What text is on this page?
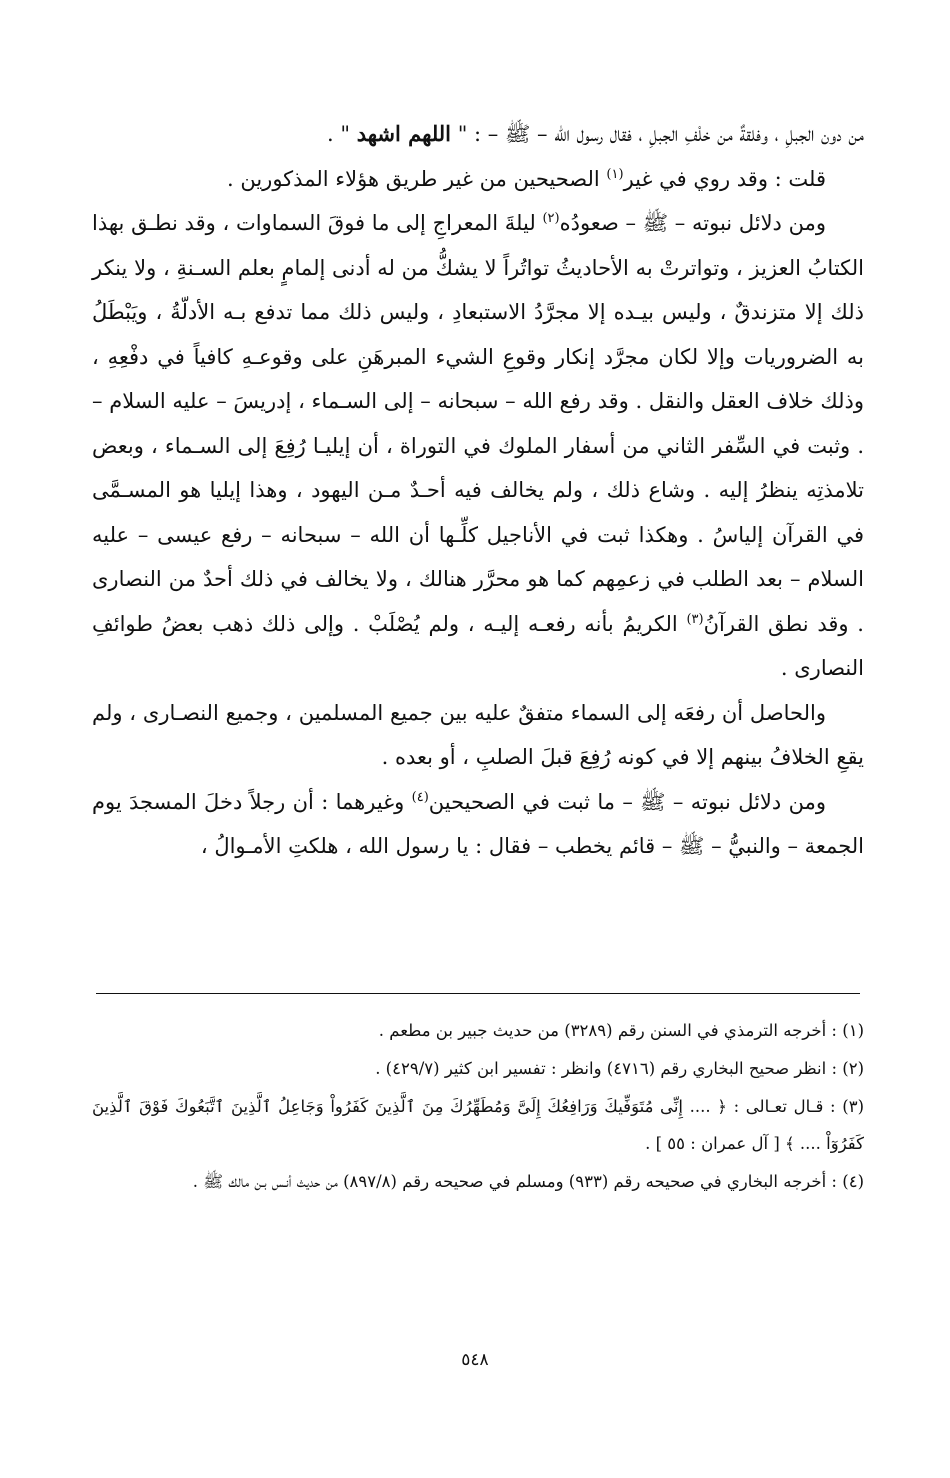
من دون الجبلِ ، وفلقةٌ من خلْفِ الجبلِ ، فقال رسول الله – ﷺ – : " اللهم اشهد " .

قلت : وقد روي في غير$^{(١)}$ الصحيحين من غير طريق هؤلاء المذكورين .

ومن دلائل نبوته – ﷺ – صعودُه$^{(٢)}$ ليلةَ المعراجِ إلى ما فوقَ السماوات ، وقد نطـق بهذا الكتابُ العزيز ، وتواترتْ به الأحاديثُ تواتُراً لا يشكُّ من له أدنى إلمامٍ بعلم السـنةِ ، ولا ينكر ذلك إلا متزندقٌ ، وليس بيـده إلا مجرَّدُ الاستبعادِ ، وليس ذلك مما تدفع بـه الأدلّةُ ، ويَبْطَلُ به الضروريات وإلا لكان مجرَّد إنكار وقوعِ الشيء المبرهَنِ على وقوعـهِ كافياً في دفْعِهِ ، وذلك خلاف العقل والنقل . وقد رفع الله – سبحانه – إلى السـماء ، إدريسَ – عليه السلام – . وثبت في السِّفر الثاني من أسفار الملوك في التوراة ، أن إيليـا رُفِعَ إلى السـماء ، وبعض تلامذتِه ينظرُ إليه . وشاع ذلك ، ولم يخالف فيه أحـدٌ مـن اليهود ، وهذا إيليا هو المسـمَّى في القرآن إلياسُ . وهكذا ثبت في الأناجيل كلِّـها أن الله – سبحانه – رفع عيسى – عليه السلام – بعد الطلب في زعمِهم كما هو محرَّر هنالك ، ولا يخالف في ذلك أحدٌ من النصارى . وقد نطق القرآنُ$^{(٣)}$ الكريمُ بأنه رفعـه إليـه ، ولم يُصْلَبْ . وإلى ذلك ذهب بعضُ طوائفِ النصارى .

والحاصل أن رفعَه إلى السماء متفقٌ عليه بين جميع المسلمين ، وجميع النصـارى ، ولم يقعِ الخلافُ بينهم إلا في كونه رُفِعَ قبلَ الصلبِ ، أو بعده .

ومن دلائل نبوته – ﷺ – ما ثبت في الصحيحين$^{(٤)}$ وغيرهما : أن رجلاً دخلَ المسجدَ يوم الجمعة – والنبيُّ – ﷺ – قائم يخطب – فقال : يا رسول الله ، هلكتِ الأمـوالُ ،

(١) : أخرجه الترمذي في السنن رقم (٣٢٨٩) من حديث جبير بن مطعم .

(٢) : انظر صحيح البخاري رقم (٤٧١٦) وانظر : تفسير ابن كثير (٤٢٩/٧) .

(٣) : قـال تعـالى : ﴿ .... إِنِّى مُتَوَفِّيكَ وَرَافِعُكَ إِلَىَّ وَمُطَهِّرُكَ مِنَ ٱلَّذِينَ كَفَرُواْ وَجَاعِلُ ٱلَّذِينَ ٱتَّبَعُوكَ فَوْقَ ٱلَّذِينَ كَفَرُوٓاْ .... ﴾ [ آل عمران : ٥٥ ] .

(٤) : أخرجه البخاري في صحيحه رقم (٩٣٣) ومسلم في صحيحه رقم (٨٩٧/٨) من حديث أنـس بـن مالك ﷺ .

٥٤٨
